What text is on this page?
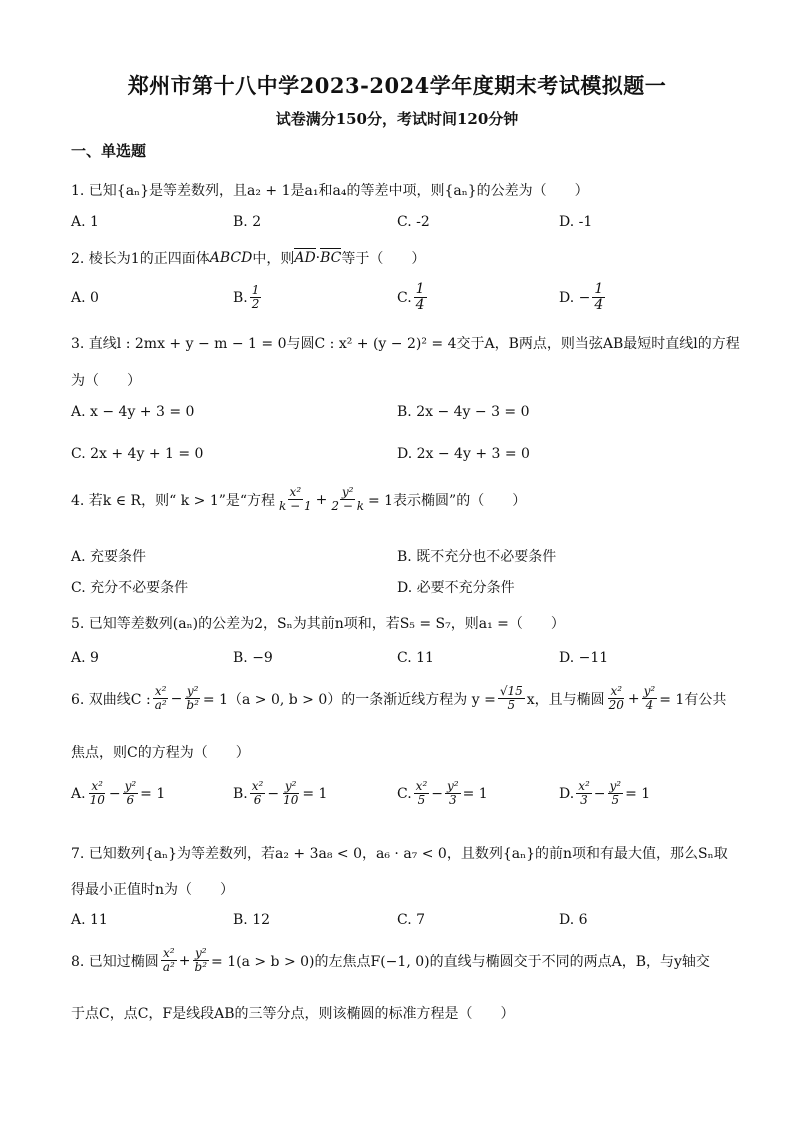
郑州市第十八中学2023-2024学年度期末考试模拟题一
试卷满分150分，考试时间120分钟
一、单选题
1. 已知{aₙ}是等差数列，且a₂ + 1是a₁和a₄的等差中项，则{aₙ}的公差为（　　）
A. 1	B. 2	C. -2	D. -1
2. 棱长为1的正四面体 ABCD 中，则 AD · BC 等于（　　）
A. 0	B. $\frac{1}{2}$	C. $\frac{1}{4}$	D. − $\frac{1}{4}$
3. 直线l : 2mx + y − m − 1 = 0与圆C : x² + (y − 2)² = 4交于A，B两点，则当弦AB最短时直线l的方程
为（　　）
A. x − 4y + 3 = 0	B. 2x − 4y − 3 = 0
C. 2x + 4y + 1 = 0	D. 2x − 4y + 3 = 0
4. 若k ∈ R，则“ k > 1”是“方程 $\frac{\text{x²}}{k - 1} + \frac{\text{y²}}{2 - k} = 1$表示椭圆”的（　　）
A. 充要条件	B. 既不充分也不必要条件
C. 充分不必要条件	D. 必要不充分条件
5. 已知等差数列(aₙ)的公差为2，Sₙ为其前n项和，若S₅ = S₇，则a₁ =（　　）
A. 9	B. −9	C. 11	D. −11
6. 双曲线C : $\frac{\text{x²}}{\text{a²}} - \frac{\text{y²}}{\text{b²}} = 1(a > 0$, b > 0）的一条渐近线方程为 $y = \frac{√15}{5}$ x，且与椭圆 $\frac{\text{x²}}{20} + \frac{\text{y²}}{4} = 1$有公共
焦点，则C的方程为（　　）
A. $\frac{\text{x²}}{10} - \frac{\text{y²}}{6} = 1$	B. $\frac{\text{x²}}{6} - \frac{\text{y²}}{10} = 1$	C. $\frac{\text{x²}}{5} - \frac{\text{y²}}{3} = 1$	D. $\frac{\text{x²}}{3} - \frac{\text{y²}}{5} = 1$
7. 已知数列{aₙ}为等差数列，若a₂ + 3a₈ < 0，a₆ · a₇ < 0，且数列{aₙ}的前n项和有最大值，那么Sₙ取
得最小正值时n为（　　）
A. 11	B. 12	C. 7	D. 6
8. 已知过椭圆 $\frac{\text{x²}}{\text{a²}} + \frac{\text{y²}}{\text{b²}} = 1(a > b > 0)$的左焦点F(−1, 0)的直线与椭圆交于不同的两点A，B，与y轴交
于点C，点C，F是线段AB的三等分点，则该椭圆的标准方程是（　　）
